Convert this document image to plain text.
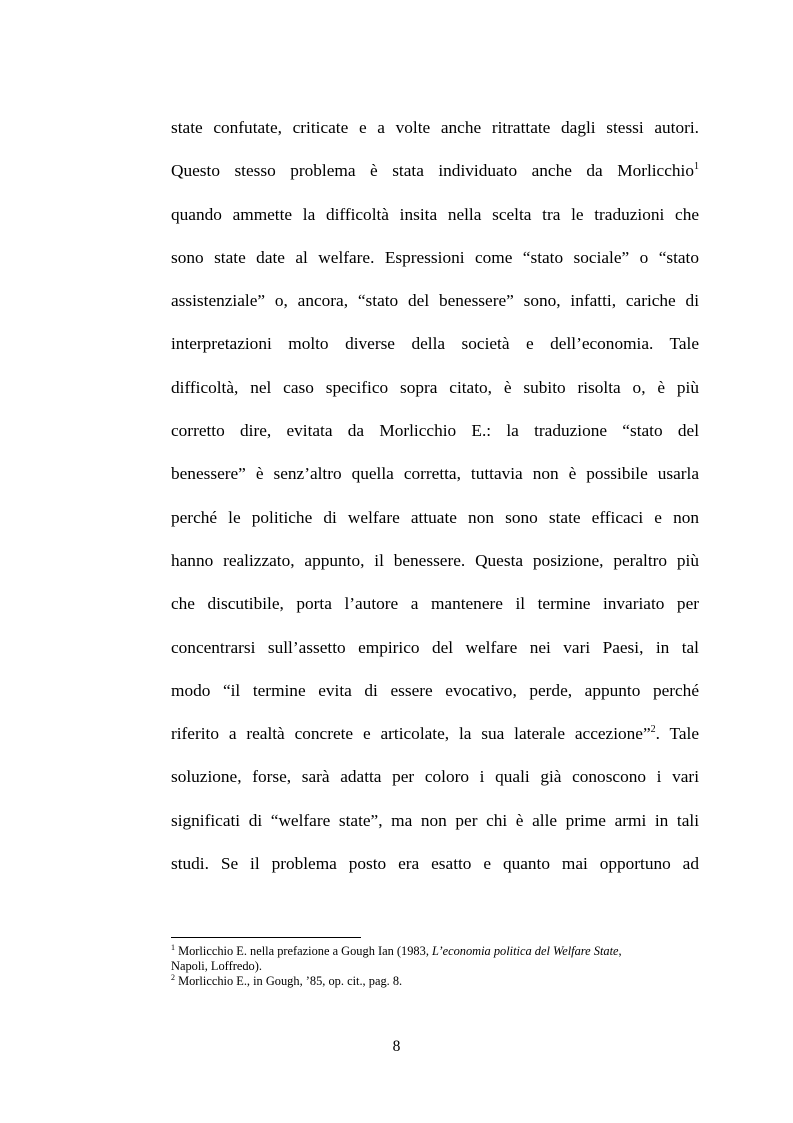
state confutate, criticate e a volte anche ritrattate dagli stessi autori.
Questo stesso problema è stata individuato anche da Morlicchio$^1$
quando ammette la difficoltà insita nella scelta tra le traduzioni che
sono state date al welfare. Espressioni come “stato sociale” o “stato
assistenziale” o, ancora, “stato del benessere” sono, infatti, cariche di
interpretazioni molto diverse della società e dell’economia. Tale
difficoltà, nel caso specifico sopra citato, è subito risolta o, è più
corretto dire, evitata da Morlicchio E.: la traduzione “stato del
benessere” è senz’altro quella corretta, tuttavia non è possibile usarla
perché le politiche di welfare attuate non sono state efficaci e non
hanno realizzato, appunto, il benessere. Questa posizione, peraltro più
che discutibile, porta l’autore a mantenere il termine invariato per
concentrarsi sull’assetto empirico del welfare nei vari Paesi, in tal
modo “il termine evita di essere evocativo, perde, appunto perché
riferito a realtà concrete e articolate, la sua laterale accezione”$^2$. Tale
soluzione, forse, sarà adatta per coloro i quali già conoscono i vari
significati di “welfare state”, ma non per chi è alle prime armi in tali
studi. Se il problema posto era esatto e quanto mai opportuno ad

$^1$ Morlicchio E. nella prefazione a Gough Ian (1983, L’economia politica del Welfare State,
Napoli, Loffredo).

$^2$ Morlicchio E., in Gough, ’85, op. cit., pag. 8.

8
